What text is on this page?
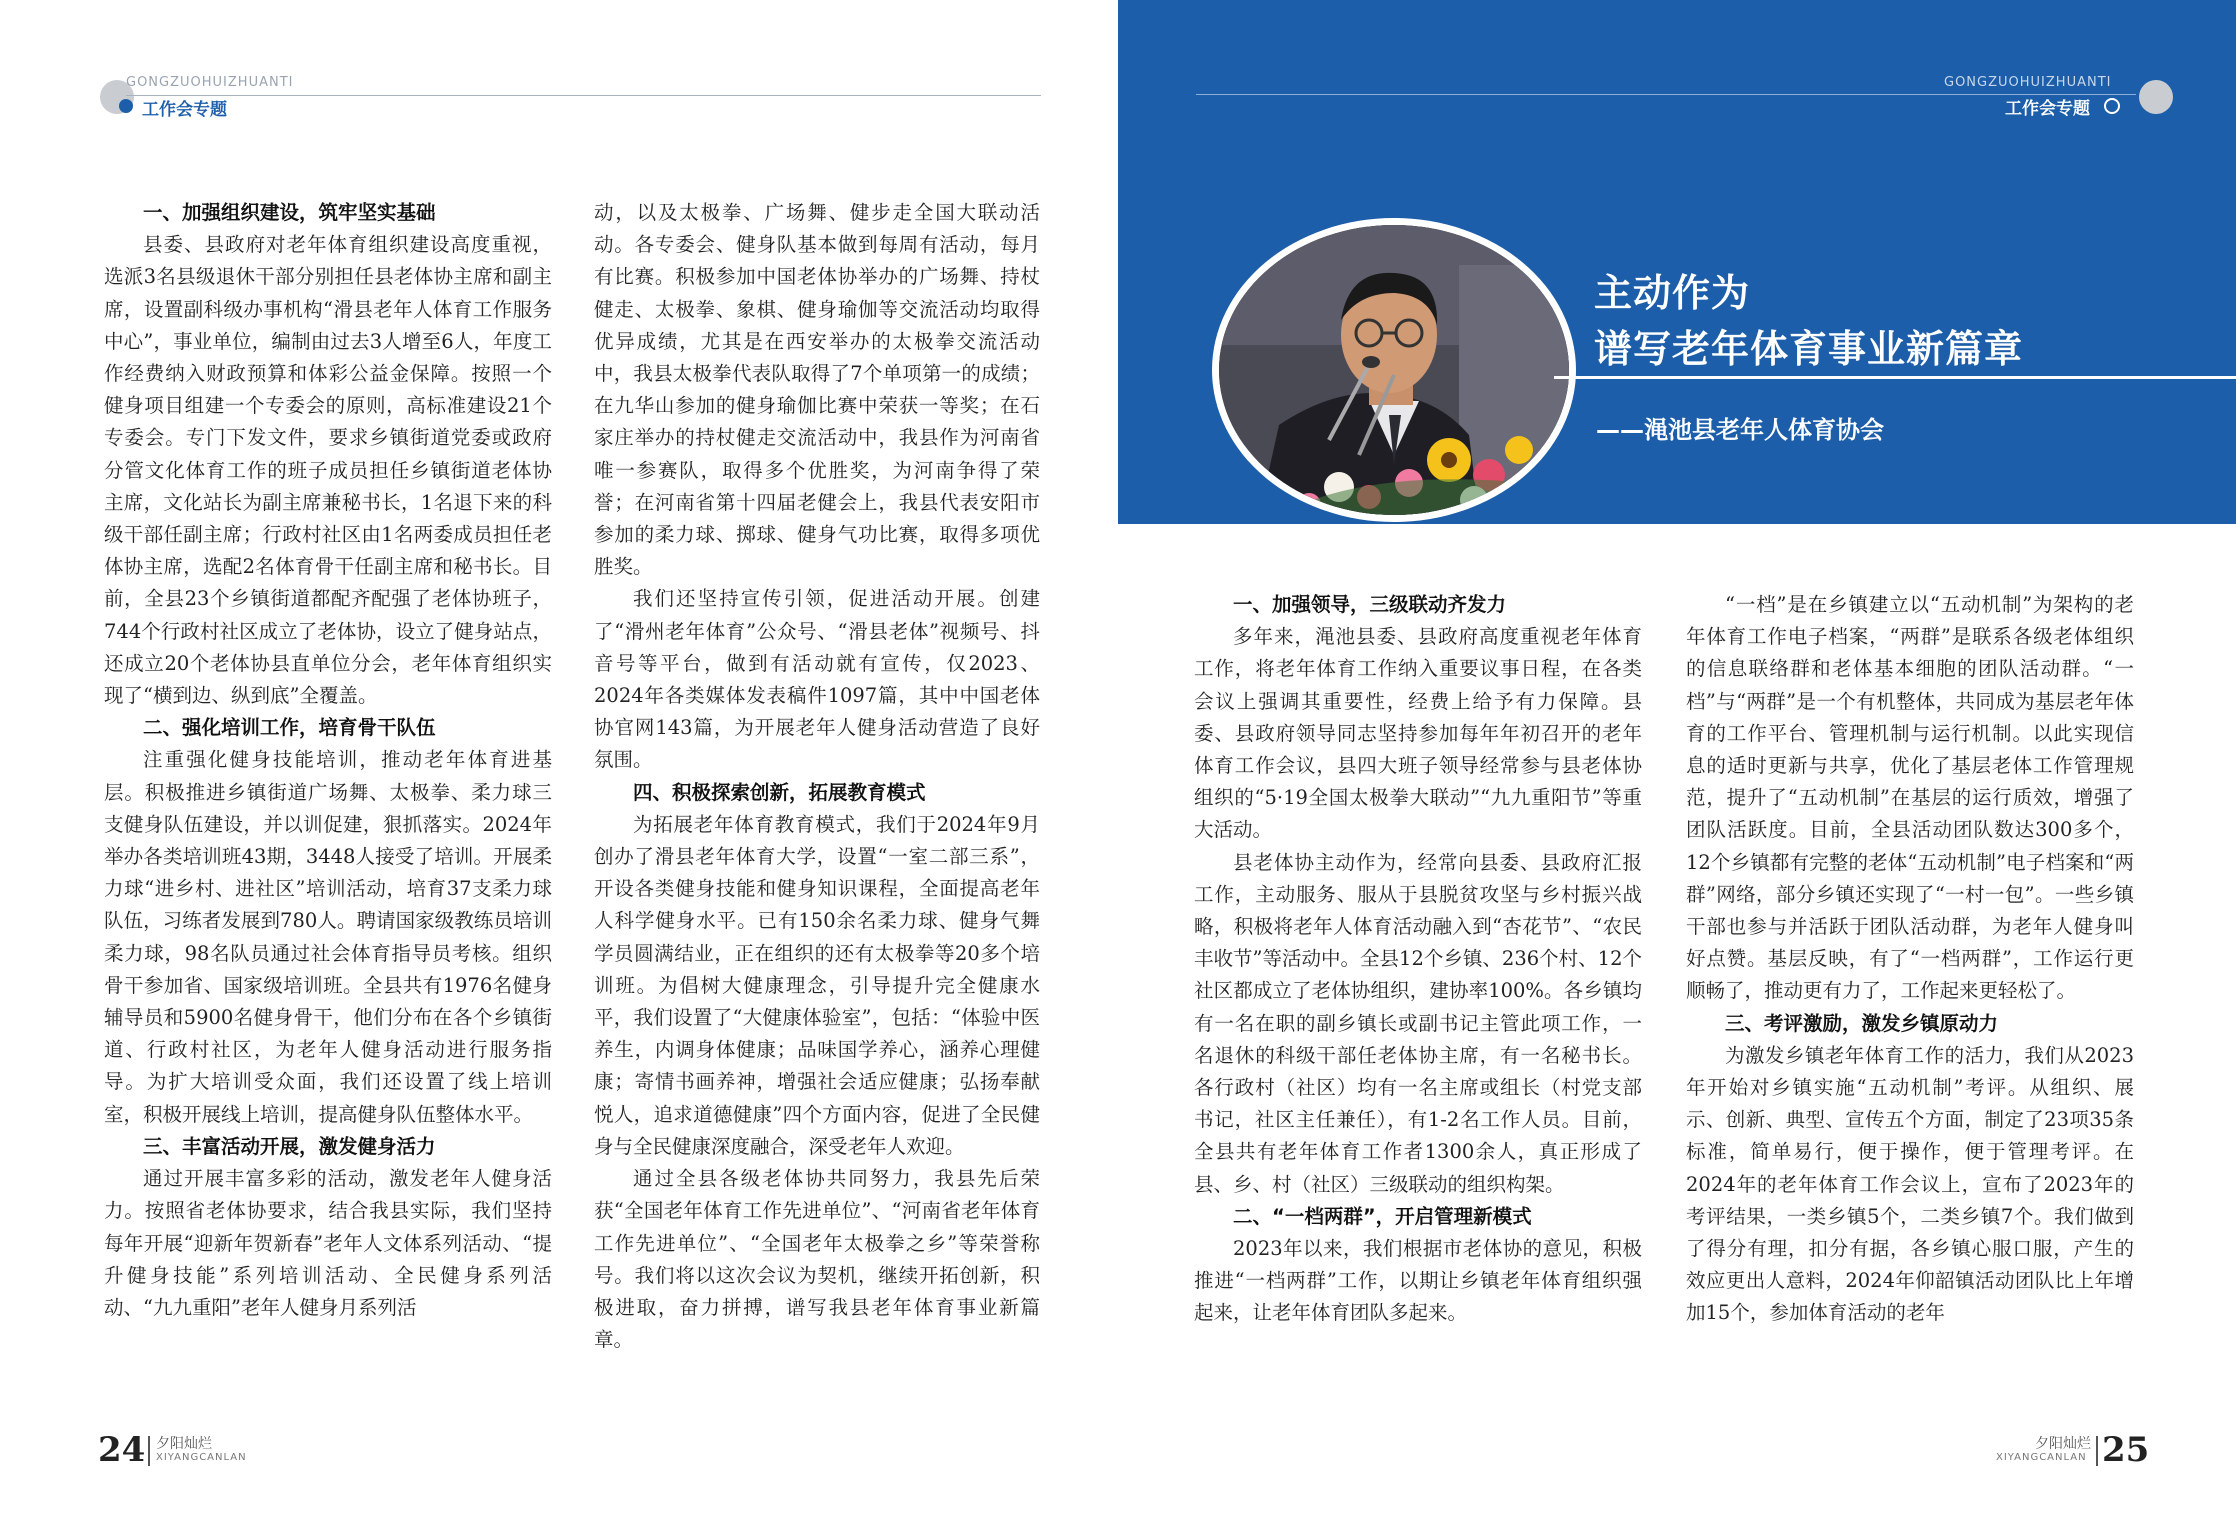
GONGZUOHUIZHUANTI
工作会专题
一、加强组织建设，筑牢坚实基础

县委、县政府对老年体育组织建设高度重视，选派3名县级退休干部分别担任县老体协主席和副主席，设置副科级办事机构“滑县老年人体育工作服务中心”，事业单位，编制由过去3人增至6人，年度工作经费纳入财政预算和体彩公益金保障。按照一个健身项目组建一个专委会的原则，高标准建设21个专委会。专门下发文件，要求乡镇街道党委或政府分管文化体育工作的班子成员担任乡镇街道老体协主席，文化站长为副主席兼秘书长，1名退下来的科级干部任副主席；行政村社区由1名两委成员担任老体协主席，选配2名体育骨干任副主席和秘书长。目前，全县23个乡镇街道都配齐配强了老体协班子，744个行政村社区成立了老体协，设立了健身站点，还成立20个老体协县直单位分会，老年体育组织实现了“横到边、纵到底”全覆盖。

二、强化培训工作，培育骨干队伍

注重强化健身技能培训，推动老年体育进基层。积极推进乡镇街道广场舞、太极拳、柔力球三支健身队伍建设，并以训促建，狠抓落实。2024年举办各类培训班43期，3448人接受了培训。开展柔力球“进乡村、进社区”培训活动，培育37支柔力球队伍，习练者发展到780人。聘请国家级教练员培训柔力球，98名队员通过社会体育指导员考核。组织骨干参加省、国家级培训班。全县共有1976名健身辅导员和5900名健身骨干，他们分布在各个乡镇街道、行政村社区，为老年人健身活动进行服务指导。为扩大培训受众面，我们还设置了线上培训室，积极开展线上培训，提高健身队伍整体水平。

三、丰富活动开展，激发健身活力

通过开展丰富多彩的活动，激发老年人健身活力。按照省老体协要求，结合我县实际，我们坚持每年开展“迎新年贺新春”老年人文体系列活动、“提升健身技能”系列培训活动、全民健身系列活动、“九九重阳”老年人健身月系列活

动，以及太极拳、广场舞、健步走全国大联动活动。各专委会、健身队基本做到每周有活动，每月有比赛。积极参加中国老体协举办的广场舞、持杖健走、太极拳、象棋、健身瑜伽等交流活动均取得优异成绩，尤其是在西安举办的太极拳交流活动中，我县太极拳代表队取得了7个单项第一的成绩；在九华山参加的健身瑜伽比赛中荣获一等奖；在石家庄举办的持杖健走交流活动中，我县作为河南省唯一参赛队，取得多个优胜奖，为河南争得了荣誉；在河南省第十四届老健会上，我县代表安阳市参加的柔力球、掷球、健身气功比赛，取得多项优胜奖。

我们还坚持宣传引领，促进活动开展。创建了“滑州老年体育”公众号、“滑县老体”视频号、抖音号等平台，做到有活动就有宣传，仅2023、2024年各类媒体发表稿件1097篇，其中中国老体协官网143篇，为开展老年人健身活动营造了良好氛围。

四、积极探索创新，拓展教育模式

为拓展老年体育教育模式，我们于2024年9月创办了滑县老年体育大学，设置“一室二部三系”，开设各类健身技能和健身知识课程，全面提高老年人科学健身水平。已有150余名柔力球、健身气舞学员圆满结业，正在组织的还有太极拳等20多个培训班。为倡树大健康理念，引导提升完全健康水平，我们设置了“大健康体验室”，包括：“体验中医养生，内调身体健康；品味国学养心，涵养心理健康；寄情书画养神，增强社会适应健康；弘扬奉献悦人，追求道德健康”四个方面内容，促进了全民健身与全民健康深度融合，深受老年人欢迎。

通过全县各级老体协共同努力，我县先后荣获“全国老年体育工作先进单位”、“河南省老年体育工作先进单位”、“全国老年太极拳之乡”等荣誉称号。我们将以这次会议为契机，继续开拓创新，积极进取，奋力拼搏，谱写我县老年体育事业新篇章。

24 夕阳灿烂
XIYANGCANLAN
GONGZUOHUIZHUANTI
工作会专题
主动作为
谱写老年体育事业新篇章
——渑池县老年人体育协会
一、加强领导，三级联动齐发力

多年来，渑池县委、县政府高度重视老年体育工作，将老年体育工作纳入重要议事日程，在各类会议上强调其重要性，经费上给予有力保障。县委、县政府领导同志坚持参加每年年初召开的老年体育工作会议，县四大班子领导经常参与县老体协组织的“5·19全国太极拳大联动”“九九重阳节”等重大活动。

县老体协主动作为，经常向县委、县政府汇报工作，主动服务、服从于县脱贫攻坚与乡村振兴战略，积极将老年人体育活动融入到“杏花节”、“农民丰收节”等活动中。全县12个乡镇、236个村、12个社区都成立了老体协组织，建协率100%。各乡镇均有一名在职的副乡镇长或副书记主管此项工作，一名退休的科级干部任老体协主席，有一名秘书长。各行政村（社区）均有一名主席或组长（村党支部书记，社区主任兼任），有1-2名工作人员。目前，全县共有老年体育工作者1300余人，真正形成了县、乡、村（社区）三级联动的组织构架。

二、“一档两群”，开启管理新模式

2023年以来，我们根据市老体协的意见，积极推进“一档两群”工作，以期让乡镇老年体育组织强起来，让老年体育团队多起来。

“一档”是在乡镇建立以“五动机制”为架构的老年体育工作电子档案，“两群”是联系各级老体组织的信息联络群和老体基本细胞的团队活动群。“一档”与“两群”是一个有机整体，共同成为基层老年体育的工作平台、管理机制与运行机制。以此实现信息的适时更新与共享，优化了基层老体工作管理规范，提升了“五动机制”在基层的运行质效，增强了团队活跃度。目前，全县活动团队数达300多个，12个乡镇都有完整的老体“五动机制”电子档案和“两群”网络，部分乡镇还实现了“一村一包”。一些乡镇干部也参与并活跃于团队活动群，为老年人健身叫好点赞。基层反映，有了“一档两群”，工作运行更顺畅了，推动更有力了，工作起来更轻松了。

三、考评激励，激发乡镇原动力

为激发乡镇老年体育工作的活力，我们从2023年开始对乡镇实施“五动机制”考评。从组织、展示、创新、典型、宣传五个方面，制定了23项35条标准，简单易行，便于操作，便于管理考评。在2024年的老年体育工作会议上，宣布了2023年的考评结果，一类乡镇5个，二类乡镇7个。我们做到了得分有理，扣分有据，各乡镇心服口服，产生的效应更出人意料，2024年仰韶镇活动团队比上年增加15个，参加体育活动的老年

夕阳灿烂
XIYANGCANLAN 25
